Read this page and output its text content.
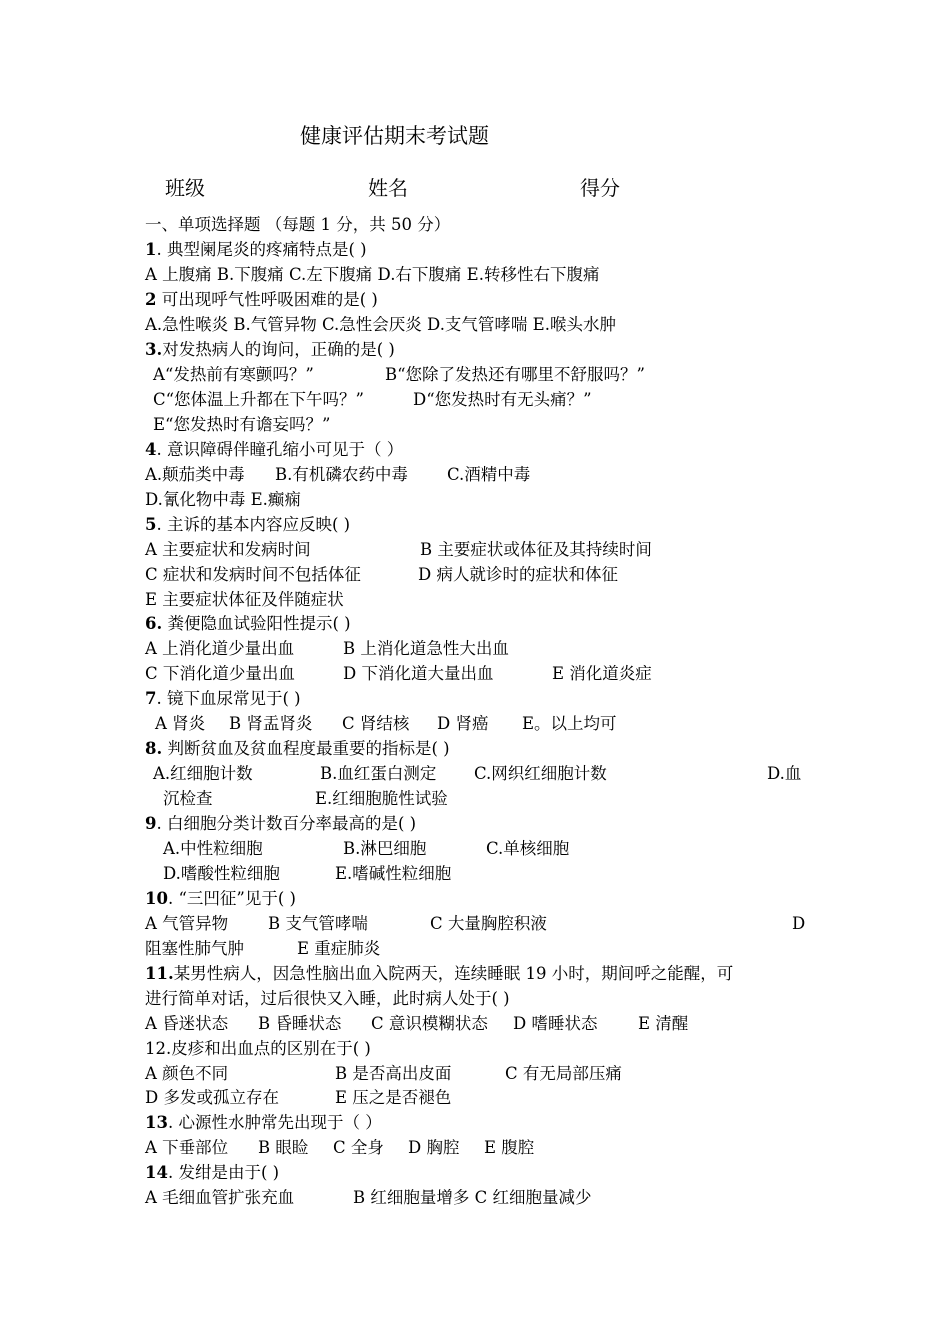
健康评估期末考试题
班级	姓名	得分
一、单项选择题 （每题 1 分，共 50 分）
1. 典型阑尾炎的疼痛特点是( )
A 上腹痛 B.下腹痛 C.左下腹痛 D.右下腹痛 E.转移性右下腹痛
2 可出现呼气性呼吸困难的是( )
A.急性喉炎 B.气管异物 C.急性会厌炎 D.支气管哮喘 E.喉头水肿
3.对发热病人的询问，正确的是( )
A“发热前有寒颤吗？”	B“您除了发热还有哪里不舒服吗？”
C“您体温上升都在下午吗？”	D“您发热时有无头痛？”
E“您发热时有谵妄吗？”
4. 意识障碍伴瞳孔缩小可见于（ ）
A.颠茄类中毒 B.有机磷农药中毒 C.酒精中毒
D.氰化物中毒 E.癫痫
5. 主诉的基本内容应反映( )
A 主要症状和发病时间	B 主要症状或体征及其持续时间
C 症状和发病时间不包括体征	D 病人就诊时的症状和体征
E 主要症状体征及伴随症状
6. 粪便隐血试验阳性提示( )
A 上消化道少量出血	B 上消化道急性大出血
C 下消化道少量出血	D 下消化道大量出血	E 消化道炎症
7. 镜下血尿常见于( )
A 肾炎 B 肾盂肾炎 C 肾结核 D 肾癌 E。以上均可
8. 判断贫血及贫血程度最重要的指标是( )
A.红细胞计数	B.血红蛋白测定 C.网织红细胞计数	D.血
沉检查	E.红细胞脆性试验
9. 白细胞分类计数百分率最高的是( )
A.中性粒细胞	B.淋巴细胞	C.单核细胞
D.嗜酸性粒细胞	E.嗜碱性粒细胞
10. “三凹征”见于( )
A 气管异物 B 支气管哮喘	C 大量胸腔积液	D
阻塞性肺气肿	E 重症肺炎
11.某男性病人，因急性脑出血入院两天，连续睡眠 19 小时，期间呼之能醒，可
进行简单对话，过后很快又入睡，此时病人处于( )
A 昏迷状态 B 昏睡状态 C 意识模糊状态 D 嗜睡状态 E 清醒
12.皮疹和出血点的区别在于( )
A 颜色不同	B 是否高出皮面	C 有无局部压痛
D 多发或孤立存在	E 压之是否褪色
13. 心源性水肿常先出现于（ ）
A 下垂部位 B 眼睑 C 全身 D 胸腔 E 腹腔
14. 发绀是由于( )
A 毛细血管扩张充血	B 红细胞量增多 C 红细胞量减少
